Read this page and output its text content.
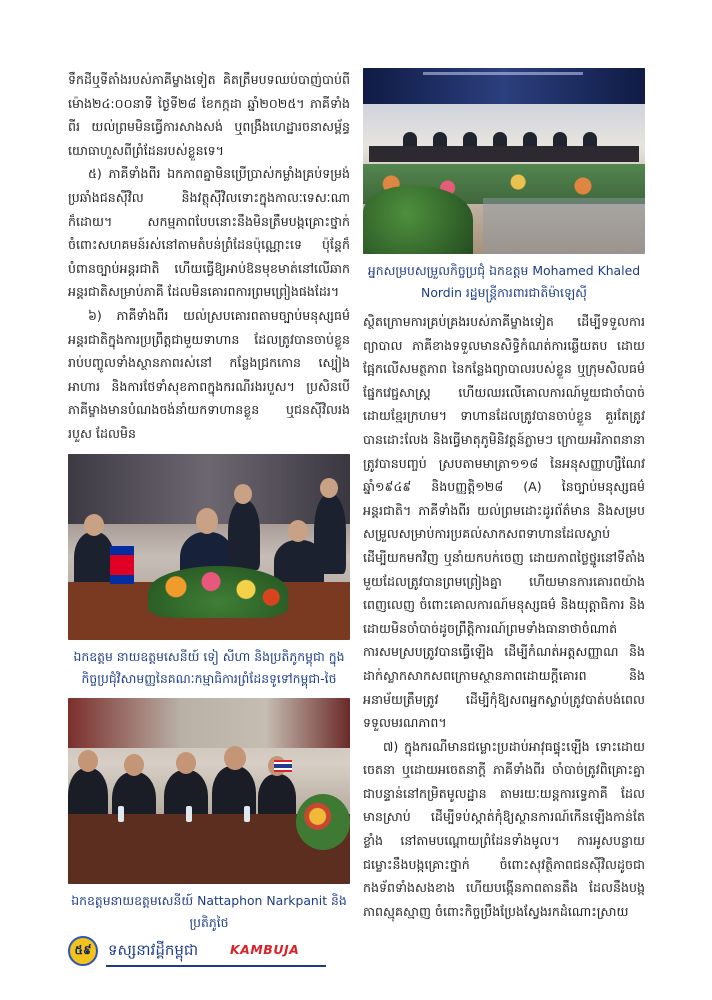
ទឹកដីឬទីតាំងរបស់ភាគីម្ខាងទៀត គិតត្រឹមបទឈប់បាញ់បាប់ពីម៉ោង២៤:០០នាទី ថ្ងៃទី២៨ ខែកក្កដា ឆ្នាំ២០២៥។ ភាគីទាំងពីរ យល់ព្រមមិនធ្វើការសាងសង់ ឬពង្រឹងហេដ្ឋារចនាសម្ព័ន្ធយោធាហួសពីព្រំដែនរបស់ខ្លួនទេ។

៥) ភាគីទាំងពីរ ឯកភាពគ្នាមិនប្រើប្រាស់កម្លាំងគ្រប់ទម្រង់ប្រឆាំងជនស៊ីវិល និងវត្ថុស៊ីវិលទោះក្នុងកាលៈទេសៈណាក៏ដោយ។ សកម្មភាពបែបនោះនឹងមិនត្រឹមបង្កគ្រោះថ្នាក់ចំពោះសហគមន៍រស់នៅតាមតំបន់ព្រំដែនប៉ុណ្ណោះទេ ប៉ុន្តែក៏បំពានច្បាប់អន្តរជាតិ ហើយធ្វើឱ្យអាប់ឱនមុខមាត់នៅលើឆាកអន្តរជាតិសម្រាប់ភាគី ដែលមិនគោរពការព្រមព្រៀងផងដែរ។

៦) ភាគីទាំងពីរ យល់ស្របគោរពតាមច្បាប់មនុស្សធម៌អន្តរជាតិក្នុងការប្រព្រឹត្តជាមួយទាហាន ដែលត្រូវបានចាប់ខ្លួនរាប់បញ្ចូលទាំងស្ថានភាពរស់នៅ កន្លែងជ្រកកោន ស្បៀងអាហារ និងការថែទាំសុខភាពក្នុងករណីរងរបួស។ ប្រសិនបើភាគីម្ខាងមានបំណងចង់នាំយកទាហានខ្លួន ឬជនស៊ីវិលរងរបួស ដែលមិន

ឯកឧត្តម នាយឧត្តមសេនីយ៍ ទៀ សីហា និងប្រតិភូកម្ពុជា ក្នុងកិច្ចប្រជុំវិសាមញ្ញនៃគណៈកម្មាធិការព្រំដែនទូទៅកម្ពុជា-ថៃ

ឯកឧត្តមនាយឧត្តមសេនីយ៍ Nattaphon Narkpanit និងប្រតិភូថៃ

អ្នកសម្របសម្រួលកិច្ចប្រជុំ ឯកឧត្តម Mohamed Khaled Nordin រដ្ឋមន្ត្រីការពារជាតិម៉ាឡេស៊ី

ស្ថិតក្រោមការគ្រប់គ្រងរបស់ភាគីម្ខាងទៀត ដើម្បីទទួលការព្យាបាល ភាគីខាងទទួលមានសិទ្ធិកំណត់ការឆ្លើយតប ដោយផ្អែកលើសមត្ថភាព នៃកន្លែងព្យាបាលរបស់ខ្លួន ឬក្រុមសិលធម៌ផ្នែកវេជ្ជសាស្ត្រ ហើយឈរលើគោលការណ៍មួយជាចាំបាច់ដោយខ្មែរក្រហម។ ទាហានដែលត្រូវបានចាប់ខ្លួន គួរតែត្រូវបានដោះលែង និងធ្វើមាតុភូមិនិវត្តន៍ភ្លាមៗ ក្រោយអរិភាពនានាត្រូវបានបញ្ចប់ ស្របតាមមាត្រា១១៨ នៃអនុសញ្ញាហ្សឺណែវ ឆ្នាំ១៩៤៩ និងបញ្ញត្តិ១២៨ (A) នៃច្បាប់មនុស្សធម៌អន្តរជាតិ។ ភាគីទាំងពីរ យល់ព្រមដោះដូរព័ត៌មាន និងសម្របសម្រួលសម្រាប់ការប្រគល់សាកសពទាហានដែលស្លាប់ដើម្បីយកមកវិញ ឬនាំយកបក់ចេញ ដោយភាពថ្លៃថ្នូរនៅទីតាំងមួយដែលត្រូវបានព្រមព្រៀងគ្នា ហើយមានការគោរពយ៉ាងពេញលេញ ចំពោះគោលការណ៍មនុស្សធម៌ និងយុត្តាធិការ និងដោយមិនចាំបាច់ដូចព្រឹត្តិការណ៍ព្រមទាំងធានាថាចំណាត់ការសមស្របត្រូវបានធ្វើឡើង ដើម្បីកំណត់អត្តសញ្ញាណ និងដាក់ស្លាកសាកសពក្រោមស្ថានភាពដោយក្តីគោរព និងអនាម័យត្រឹមត្រូវ ដើម្បីកុំឱ្យសពអ្នកស្លាប់ត្រូវបាត់បង់ពេលទទួលមរណភាព។

៧) ក្នុងករណីមានជម្លោះប្រដាប់អាវុធផ្ទុះឡើង ទោះដោយចេតនា ឬដោយអចេតនាក្តី ភាគីទាំងពីរ ចាំបាច់ត្រូវពិគ្រោះគ្នាជាបន្ទាន់នៅកម្រិតមូលដ្ឋាន តាមរយៈយន្តការទ្វេភាគី ដែលមានស្រាប់ ដើម្បីទប់ស្កាត់កុំឱ្យស្ថានការណ៍កើនឡើងកាន់តែខ្លាំង នៅតាមបណ្តោយព្រំដែនទាំងមូល។ ការអូសបន្លាយជម្លោះនឹងបង្កគ្រោះថ្នាក់ ចំពោះសុវត្ថិភាពជនស៊ីវិលដូចជាកងទ័ពទាំងសងខាង ហើយបង្កើនភាពតានតឹង ដែលនឹងបង្កភាពស្មុគស្មាញ ចំពោះកិច្ចប្រឹងប្រែងស្វែងរកដំណោះស្រាយ

៥៩	ទស្សនាវដ្តីកម្ពុជា	KAMBUJA
